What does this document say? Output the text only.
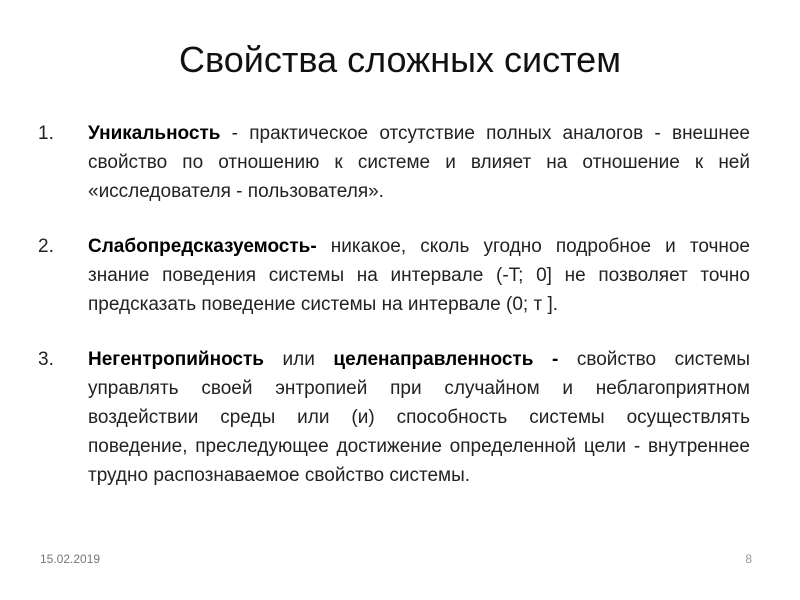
Свойства сложных систем
1.	Уникальность - практическое отсутствие полных аналогов - внешнее свойство по отношению к системе и влияет на отношение к ней «исследователя - пользователя».
2.	Слабопредсказуемость- никакое, сколь угодно подробное и точное знание поведения системы на интервале (-T; 0] не позволяет точно предсказать поведение системы на интервале (0; т ].
3.	Негентропийность или целенаправленность - свойство системы управлять своей энтропией при случайном и неблагоприятном воздействии среды или (и) способность системы осуществлять поведение, преследующее достижение определенной цели - внутреннее трудно распознаваемое свойство системы.
15.02.2019	8
